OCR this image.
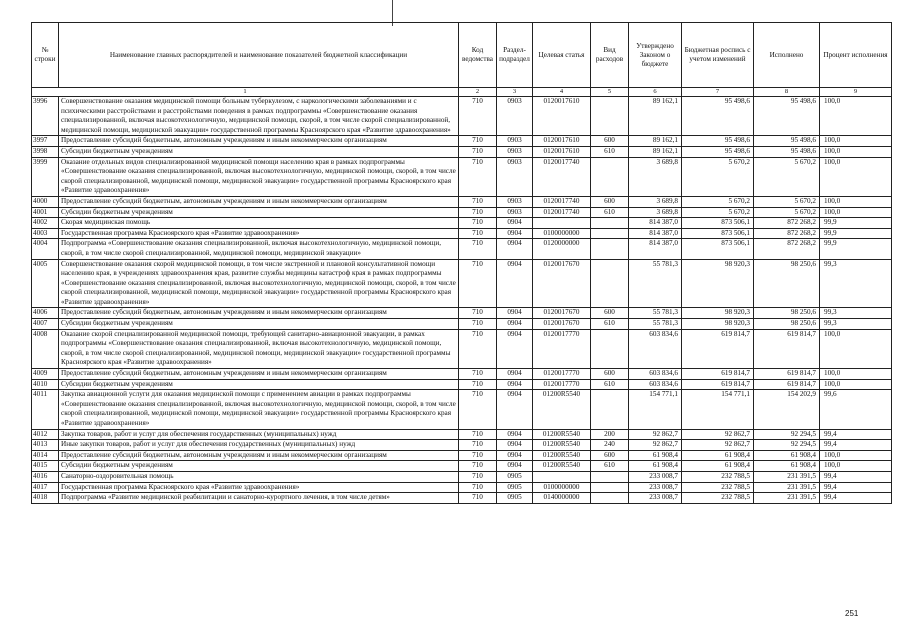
№ строки	Наименование главных распорядителей и наименование показателей бюджетной классификации	Код ведомства	Раздел-подраздел	Целевая статья	Вид расходов	Утверждено Законом о бюджете	Бюджетная роспись с учетом изменений	Исполнено	Процент исполнения
1		2	3	4	5	6	7	8	9
3996	Совершенствование оказания медицинской помощи больным туберкулезом, с наркологическими заболеваниями и с психическими расстройствами и расстройствами поведения в рамках подпрограммы «Совершенствование оказания специализированной, включая высокотехнологичную, медицинской помощи, скорой, в том числе скорой специализированной, медицинской помощи, медицинской эвакуации» государственной программы Красноярского края «Развитие здравоохранения»	710	0903	0120017610		89 162,1	95 498,6	95 498,6	100,0
3997	Предоставление субсидий бюджетным, автономным учреждениям и иным некоммерческим организациям	710	0903	0120017610	600	89 162,1	95 498,6	95 498,6	100,0
3998	Субсидии бюджетным учреждениям	710	0903	0120017610	610	89 162,1	95 498,6	95 498,6	100,0
3999	Оказание отдельных видов специализированной медицинской помощи населению края в рамках подпрограммы «Совершенствование оказания специализированной, включая высокотехнологичную, медицинской помощи, скорой, в том числе скорой специализированной, медицинской помощи, медицинской эвакуации» государственной программы Красноярского края «Развитие здравоохранения»	710	0903	0120017740		3 689,8	5 670,2	5 670,2	100,0
4000	Предоставление субсидий бюджетным, автономным учреждениям и иным некоммерческим организациям	710	0903	0120017740	600	3 689,8	5 670,2	5 670,2	100,0
4001	Субсидии бюджетным учреждениям	710	0903	0120017740	610	3 689,8	5 670,2	5 670,2	100,0
4002	Скорая медицинская помощь	710	0904			814 387,0	873 506,1	872 268,2	99,9
4003	Государственная программа Красноярского края «Развитие здравоохранения»	710	0904	0100000000		814 387,0	873 506,1	872 268,2	99,9
4004	Подпрограмма «Совершенствование оказания специализированной, включая высокотехнологичную, медицинской помощи, скорой, в том числе скорой специализированной, медицинской помощи, медицинской эвакуации»	710	0904	0120000000		814 387,0	873 506,1	872 268,2	99,9
4005	Совершенствование оказания скорой медицинской помощи, в том числе экстренной и плановой консультативной помощи населению края, в учреждениях здравоохранения края, развитие службы медицины катастроф края в рамках подпрограммы «Совершенствование оказания специализированной, включая высокотехнологичную, медицинской помощи, скорой, в том числе скорой специализированной, медицинской помощи, медицинской эвакуации» государственной программы Красноярского края «Развитие здравоохранения»	710	0904	0120017670		55 781,3	98 920,3	98 250,6	99,3
4006	Предоставление субсидий бюджетным, автономным учреждениям и иным некоммерческим организациям	710	0904	0120017670	600	55 781,3	98 920,3	98 250,6	99,3
4007	Субсидии бюджетным учреждениям	710	0904	0120017670	610	55 781,3	98 920,3	98 250,6	99,3
4008	Оказание скорой специализированной медицинской помощи, требующей санитарно-авиационной эвакуации, в рамках подпрограммы «Совершенствование оказания специализированной, включая высокотехнологичную, медицинской помощи, скорой, в том числе скорой специализированной, медицинской помощи, медицинской эвакуации» государственной программы Красноярского края «Развитие здравоохранения»	710	0904	0120017770		603 834,6	619 814,7	619 814,7	100,0
4009	Предоставление субсидий бюджетным, автономным учреждениям и иным некоммерческим организациям	710	0904	0120017770	600	603 834,6	619 814,7	619 814,7	100,0
4010	Субсидии бюджетным учреждениям	710	0904	0120017770	610	603 834,6	619 814,7	619 814,7	100,0
4011	Закупка авиационной услуги для оказания медицинской помощи с применением авиации в рамках подпрограммы «Совершенствование оказания специализированной, включая высокотехнологичную, медицинской помощи, скорой, в том числе скорой специализированной, медицинской помощи, медицинской эвакуации» государственной программы Красноярского края «Развитие здравоохранения»	710	0904	01200R5540		154 771,1	154 771,1	154 202,9	99,6
4012	Закупка товаров, работ и услуг для обеспечения государственных (муниципальных) нужд	710	0904	01200R5540	200	92 862,7	92 862,7	92 294,5	99,4
4013	Иные закупки товаров, работ и услуг для обеспечения государственных (муниципальных) нужд	710	0904	01200R5540	240	92 862,7	92 862,7	92 294,5	99,4
4014	Предоставление субсидий бюджетным, автономным учреждениям и иным некоммерческим организациям	710	0904	01200R5540	600	61 908,4	61 908,4	61 908,4	100,0
4015	Субсидии бюджетным учреждениям	710	0904	01200R5540	610	61 908,4	61 908,4	61 908,4	100,0
4016	Санаторно-оздоровительная помощь	710	0905			233 008,7	232 788,5	231 391,5	99,4
4017	Государственная программа Красноярского края «Развитие здравоохранения»	710	0905	0100000000		233 008,7	232 788,5	231 391,5	99,4
4018	Подпрограмма «Развитие медицинской реабилитации и санаторно-курортного лечения, в том числе детям»	710	0905	0140000000		233 008,7	232 788,5	231 391,5	99,4
251
